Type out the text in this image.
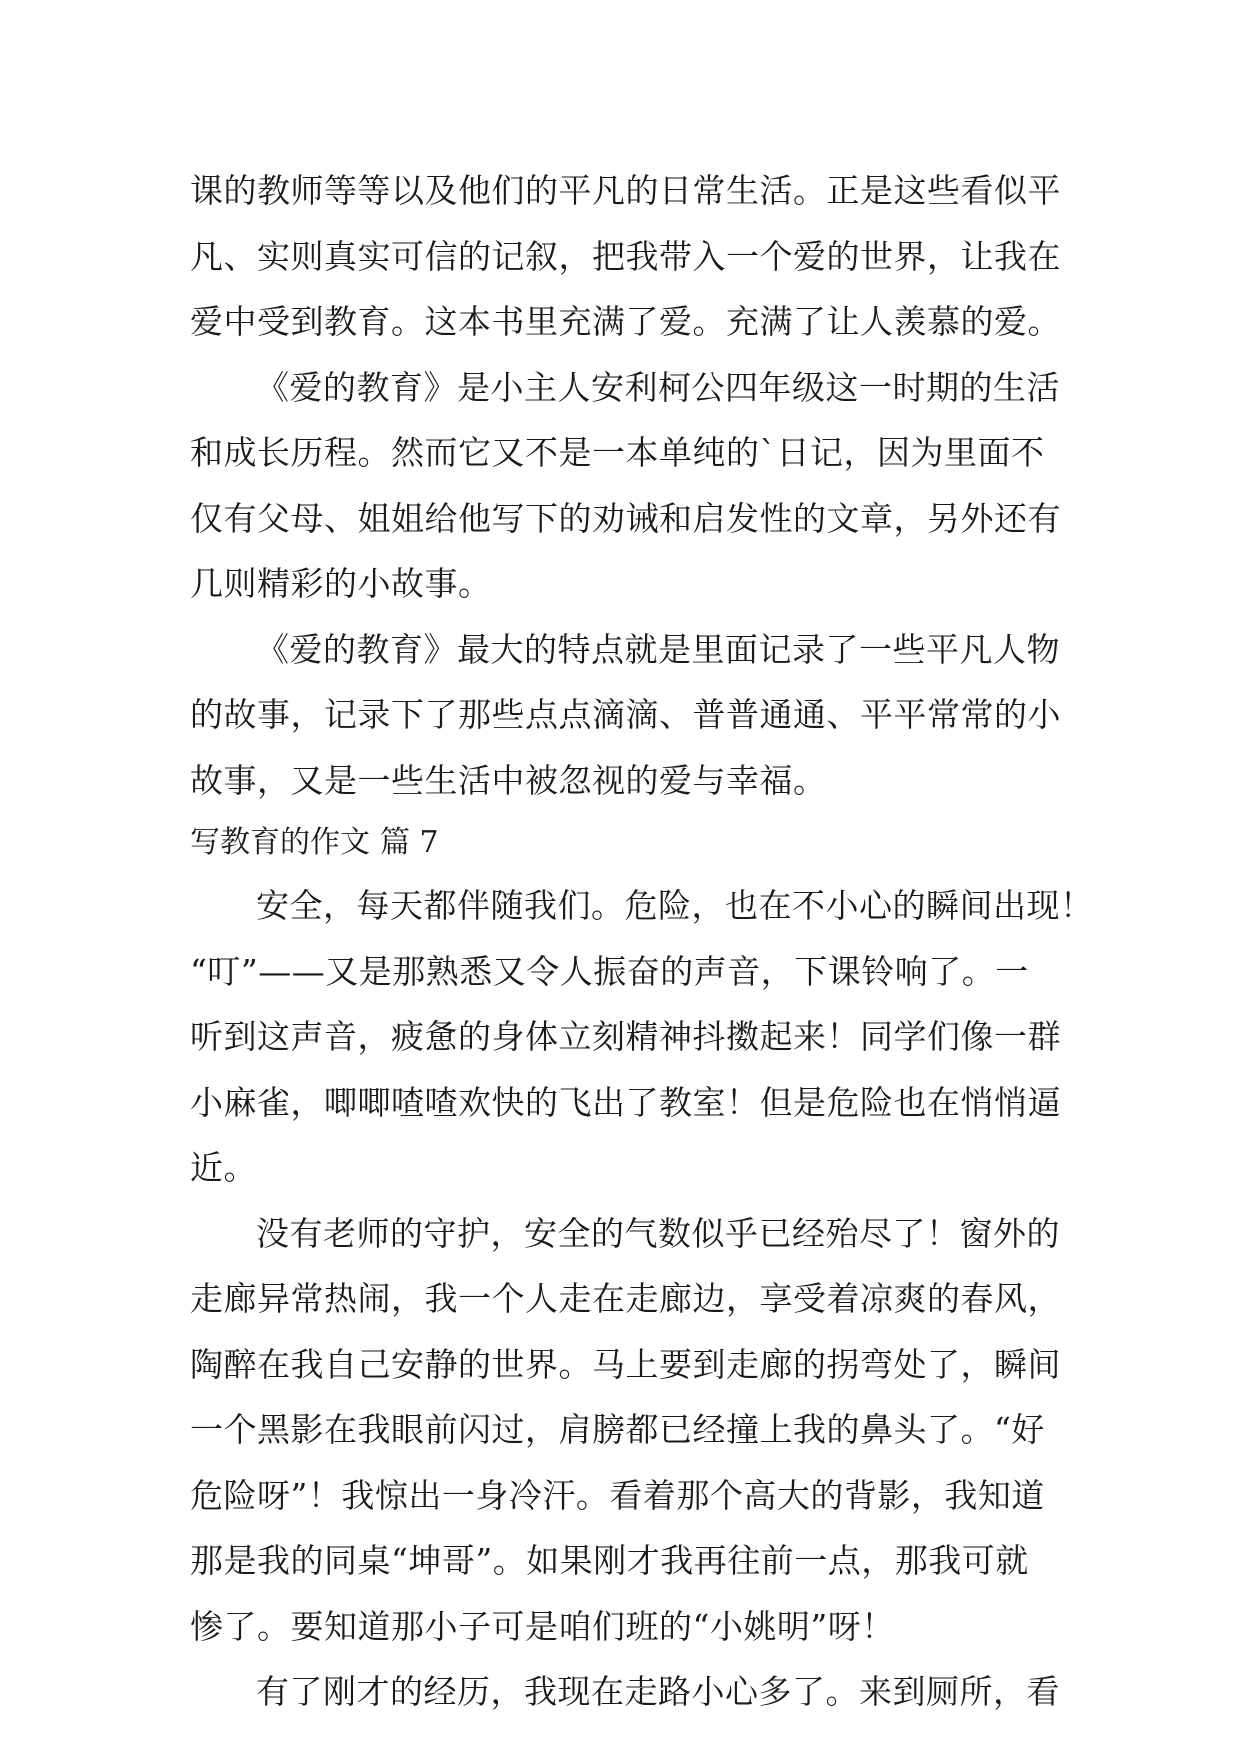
课的教师等等以及他们的平凡的日常生活。正是这些看似平
凡、实则真实可信的记叙，把我带入一个爱的世界，让我在
爱中受到教育。这本书里充满了爱。充满了让人羡慕的爱。
《爱的教育》是小主人安利柯公四年级这一时期的生活
和成长历程。然而它又不是一本单纯的`日记，因为里面不
仅有父母、姐姐给他写下的劝诫和启发性的文章，另外还有
几则精彩的小故事。
《爱的教育》最大的特点就是里面记录了一些平凡人物
的故事，记录下了那些点点滴滴、普普通通、平平常常的小
故事，又是一些生活中被忽视的爱与幸福。
写教育的作文 篇 7
安全，每天都伴随我们。危险，也在不小心的瞬间出现！
“叮”——又是那熟悉又令人振奋的声音，下课铃响了。一
听到这声音，疲惫的身体立刻精神抖擞起来！同学们像一群
小麻雀，唧唧喳喳欢快的飞出了教室！但是危险也在悄悄逼
近。
没有老师的守护，安全的气数似乎已经殆尽了！窗外的
走廊异常热闹，我一个人走在走廊边，享受着凉爽的春风，
陶醉在我自己安静的世界。马上要到走廊的拐弯处了，瞬间
一个黑影在我眼前闪过，肩膀都已经撞上我的鼻头了。“好
危险呀”！我惊出一身冷汗。看着那个高大的背影，我知道
那是我的同桌“坤哥”。如果刚才我再往前一点，那我可就
惨了。要知道那小子可是咱们班的“小姚明”呀！
有了刚才的经历，我现在走路小心多了。来到厕所，看
